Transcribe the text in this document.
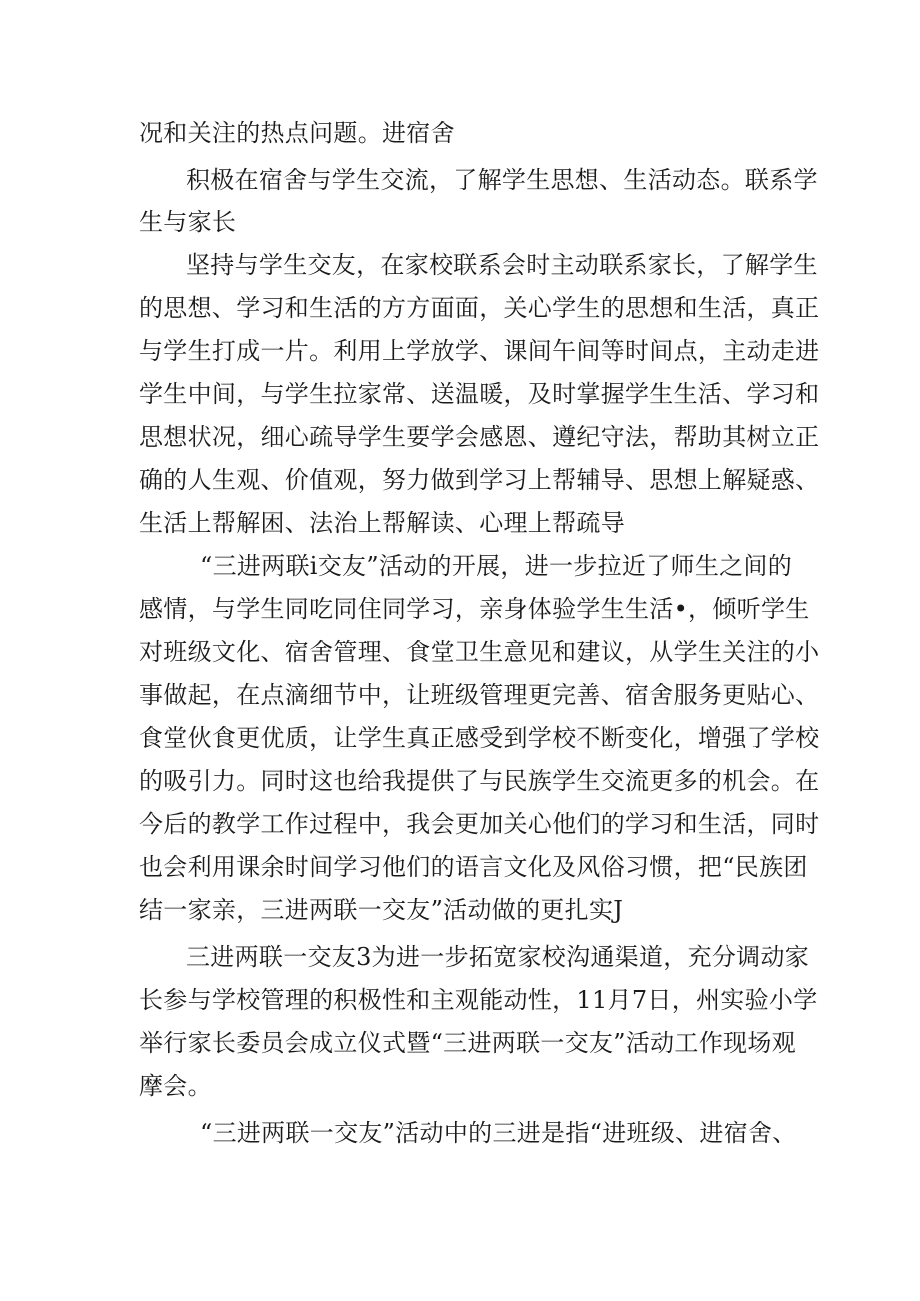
况和关注的热点问题。进宿舍
积极在宿舍与学生交流，了解学生思想、生活动态。联系学
生与家长
坚持与学生交友，在家校联系会时主动联系家长，了解学生
的思想、学习和生活的方方面面，关心学生的思想和生活，真正
与学生打成一片。利用上学放学、课间午间等时间点，主动走进
学生中间，与学生拉家常、送温暖，及时掌握学生生活、学习和
思想状况，细心疏导学生要学会感恩、遵纪守法，帮助其树立正
确的人生观、价值观，努力做到学习上帮辅导、思想上解疑惑、
生活上帮解困、法治上帮解读、心理上帮疏导
“三进两联i交友”活动的开展，进一步拉近了师生之间的
感情，与学生同吃同住同学习，亲身体验学生生活•，倾听学生
对班级文化、宿舍管理、食堂卫生意见和建议，从学生关注的小
事做起，在点滴细节中，让班级管理更完善、宿舍服务更贴心、
食堂伙食更优质，让学生真正感受到学校不断变化，增强了学校
的吸引力。同时这也给我提供了与民族学生交流更多的机会。在
今后的教学工作过程中，我会更加关心他们的学习和生活，同时
也会利用课余时间学习他们的语言文化及风俗习惯，把“民族团
结一家亲，三进两联一交友”活动做的更扎实J
三进两联一交友3为进一步拓宽家校沟通渠道，充分调动家
长参与学校管理的积极性和主观能动性，11月7日，州实验小学
举行家长委员会成立仪式暨“三进两联一交友”活动工作现场观
摩会。
“三进两联一交友”活动中的三进是指“进班级、进宿舍、
